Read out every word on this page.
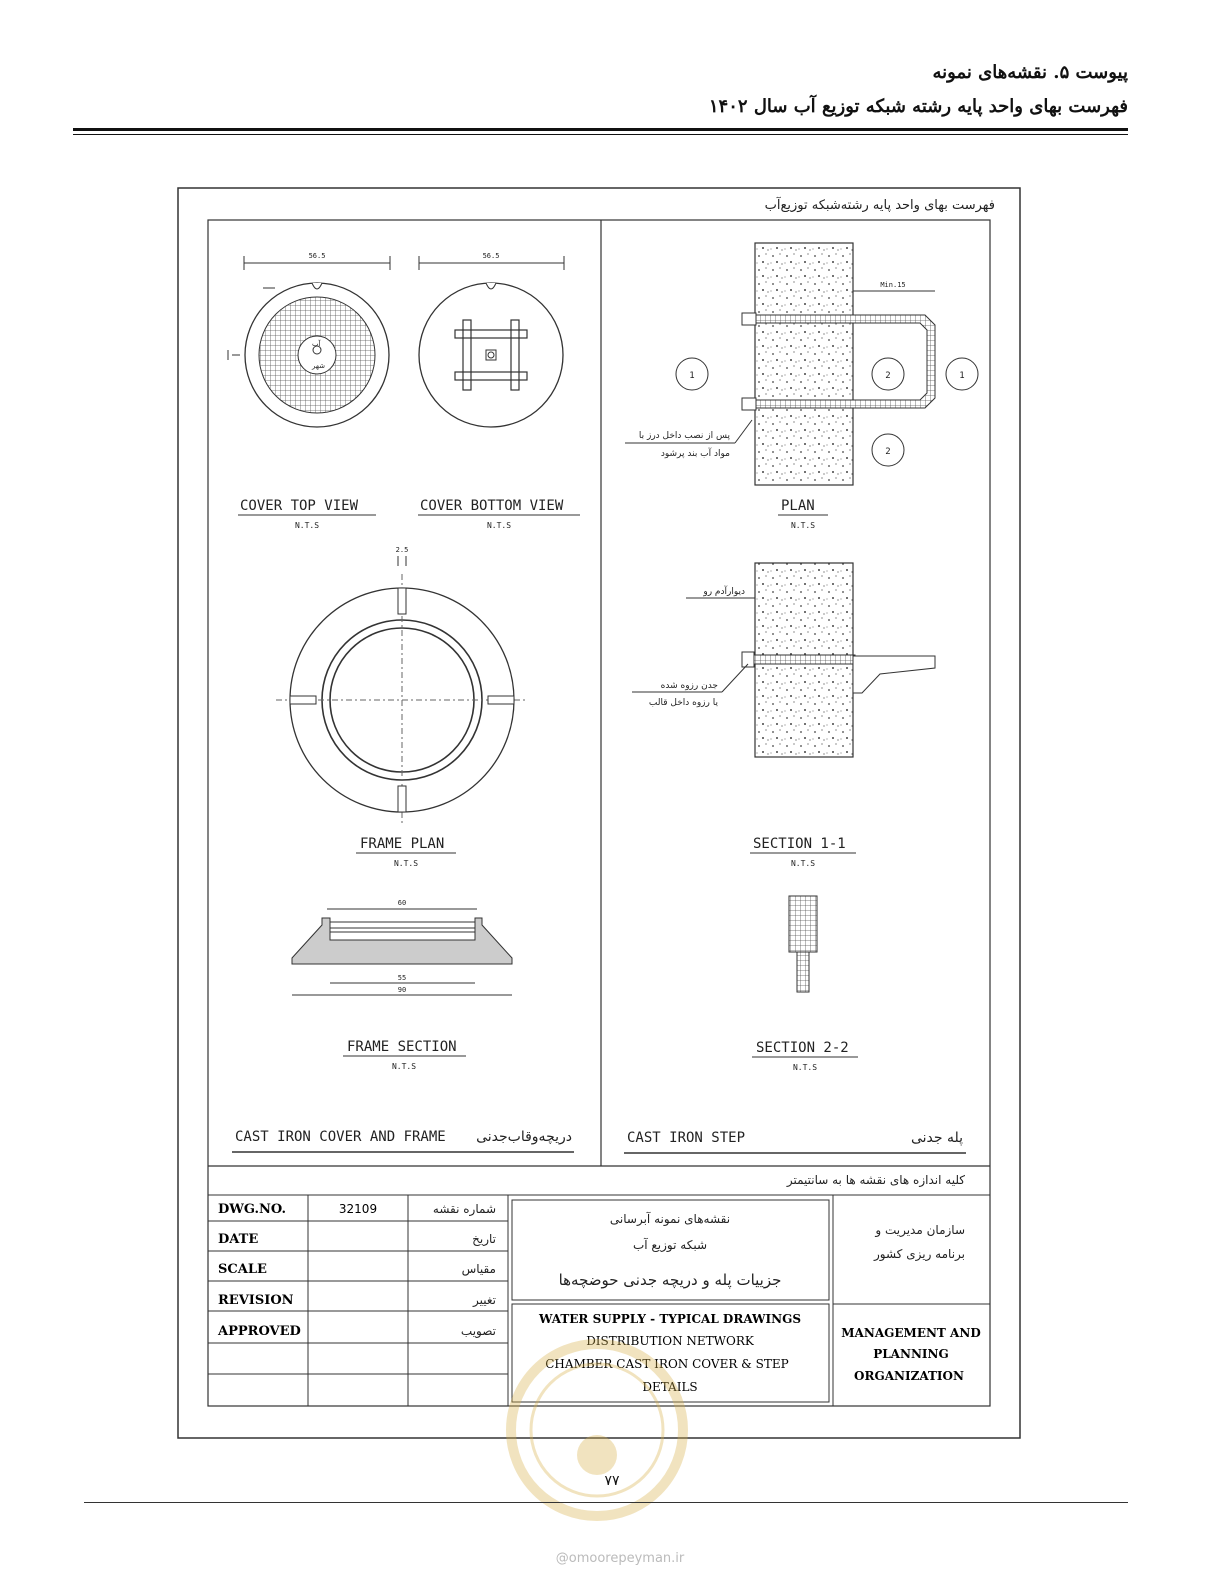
پیوست ۵. نقشه‌های نمونه
فهرست بهای واحد پایه رشته شبکه توزیع آب سال ۱۴۰۲
فهرست بهای واحد پایه رشته‌شبکه توزیع‌آب
56.5
آب
شهر
COVER TOP VIEW
N.T.S
56.5
COVER BOTTOM VIEW
N.T.S
2.5
FRAME PLAN
N.T.S
60
55
90
FRAME SECTION
N.T.S
CAST IRON COVER AND FRAME دریچه‌وقاب‌جدنی
Min.15
1	2	1
2
پس از نصب داخل درز با
مواد آب بند پرشود
PLAN
N.T.S
دیوارآدم رو
جدن رزوه شده
یا رزوه داخل قالب
SECTION 1-1
N.T.S
SECTION 2-2
N.T.S
CAST IRON STEP	پله جدنی
کلیه اندازه های نقشه ها به سانتیمتر
DWG.NO.	32109	شماره نقشه
DATE	تاریخ
SCALE	مقیاس
REVISION	تغییر
APPROVED	تصویب
نقشه‌های نمونه آبرسانی
شبکه توزیع آب
جزییات پله و دریچه جدنی حوضچه‌ها
WATER SUPPLY - TYPICAL DRAWINGS
DISTRIBUTION NETWORK
CHAMBER CAST IRON COVER & STEP
DETAILS
سازمان مدیریت و
برنامه ریزی کشور
MANAGEMENT AND
PLANNING
ORGANIZATION
۷۷
@omoorepeyman.ir
